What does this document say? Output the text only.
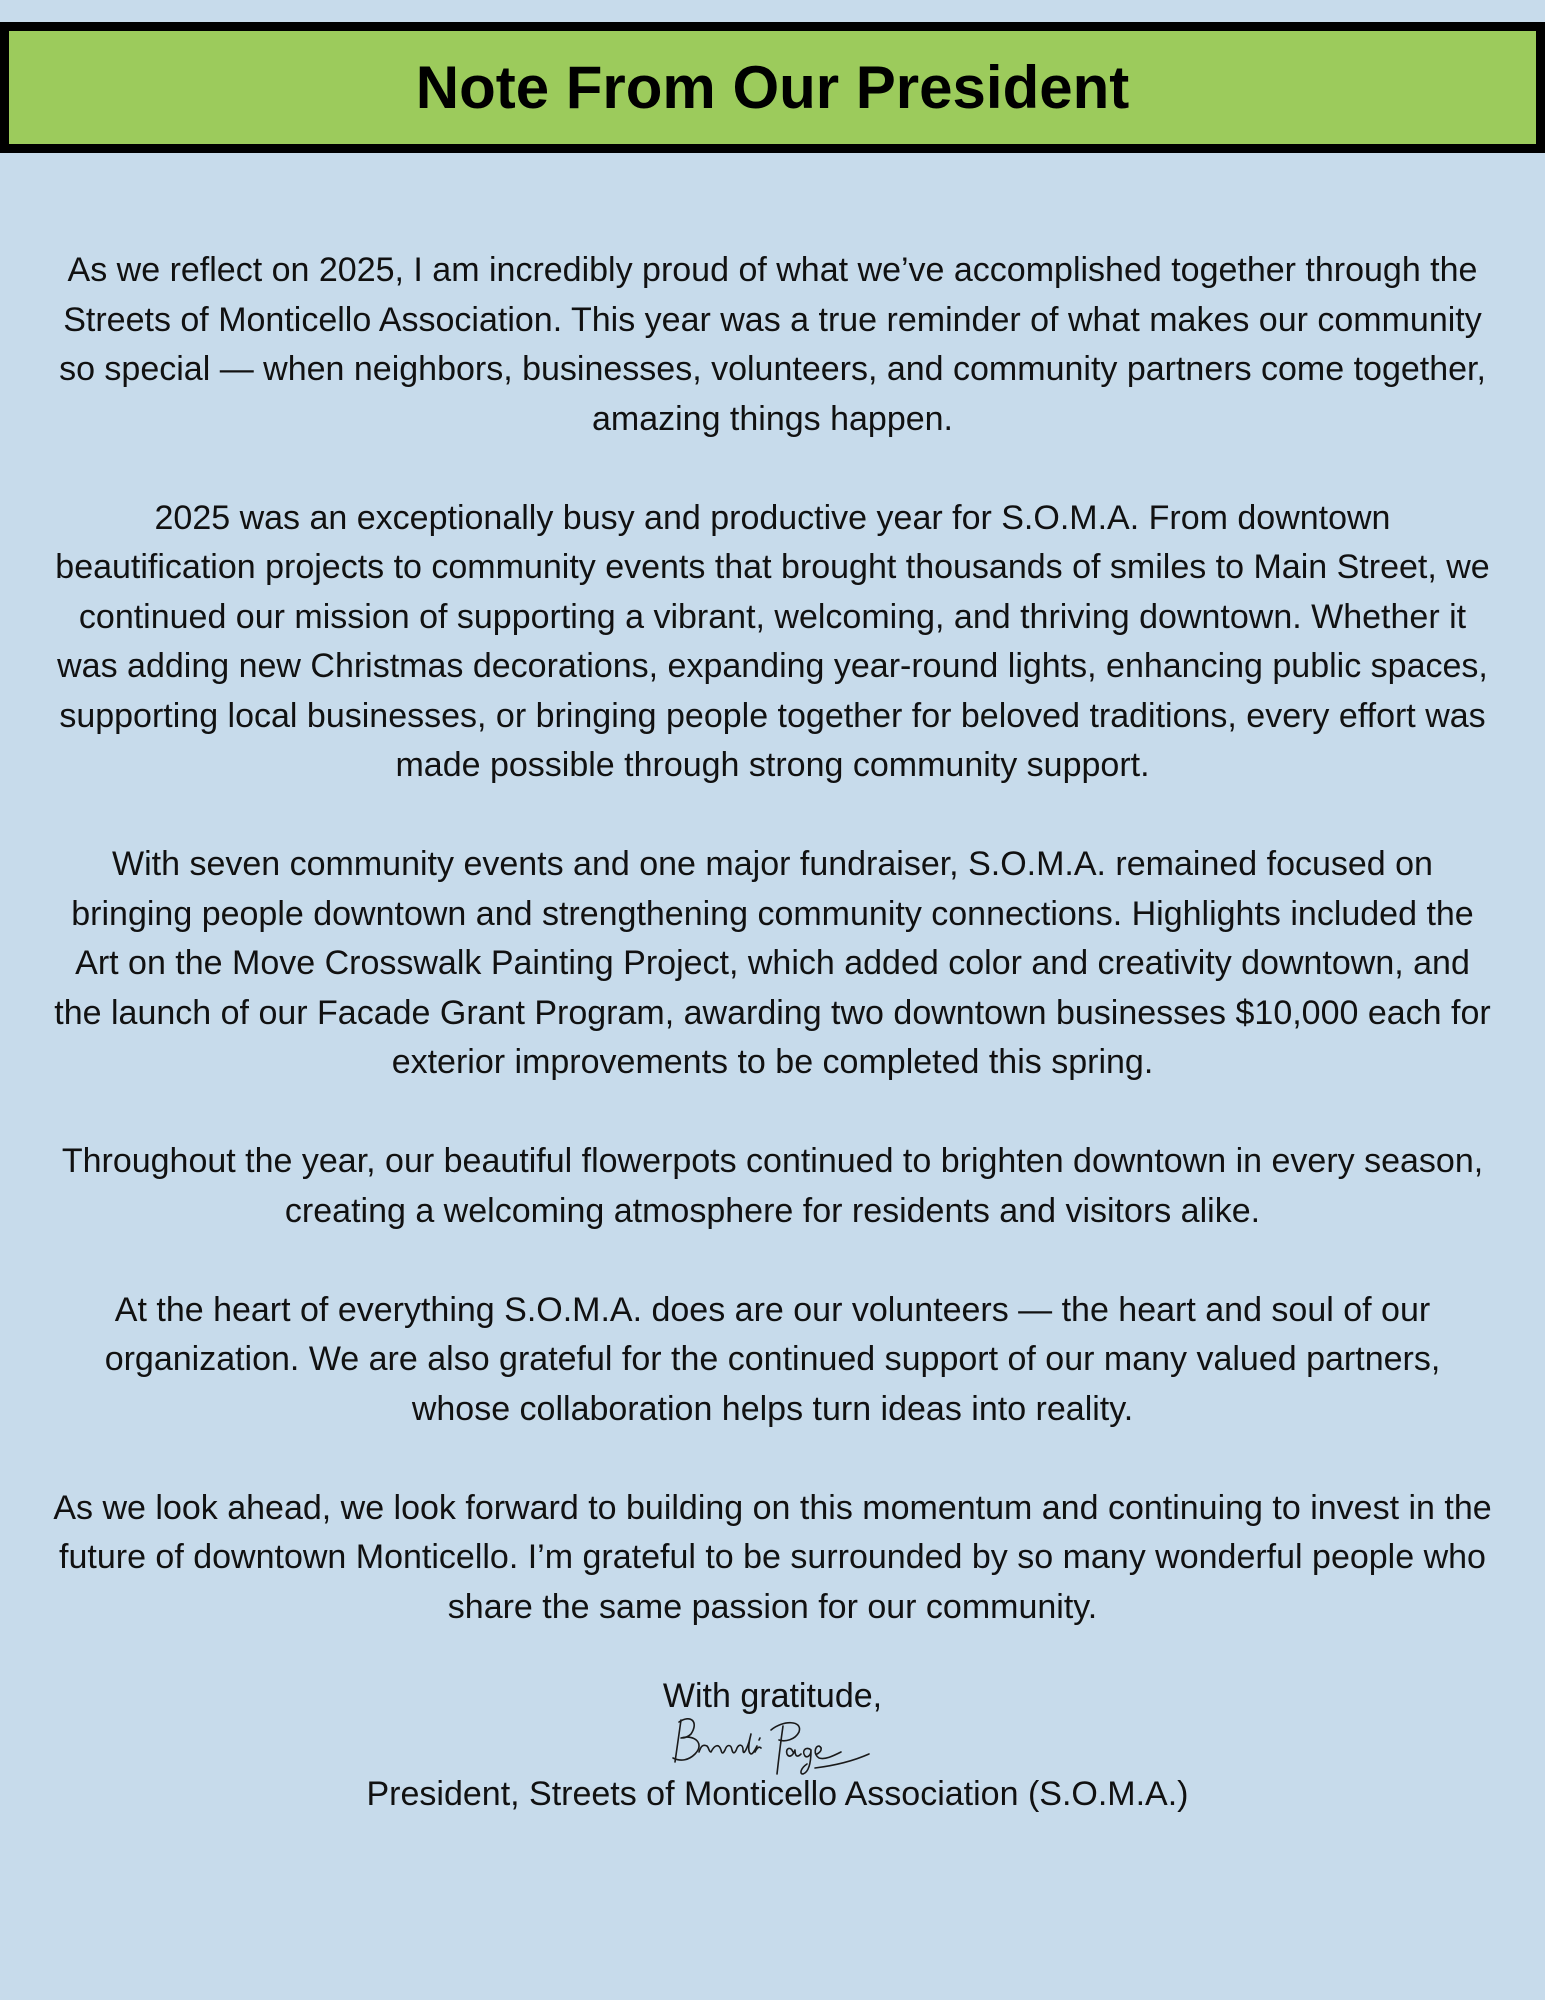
Note From Our President

As we reflect on 2025, I am incredibly proud of what we’ve accomplished together through the Streets of Monticello Association. This year was a true reminder of what makes our community so special — when neighbors, businesses, volunteers, and community partners come together, amazing things happen.

2025 was an exceptionally busy and productive year for S.O.M.A. From downtown beautification projects to community events that brought thousands of smiles to Main Street, we continued our mission of supporting a vibrant, welcoming, and thriving downtown. Whether it was adding new Christmas decorations, expanding year-round lights, enhancing public spaces, supporting local businesses, or bringing people together for beloved traditions, every effort was made possible through strong community support.

With seven community events and one major fundraiser, S.O.M.A. remained focused on bringing people downtown and strengthening community connections. Highlights included the Art on the Move Crosswalk Painting Project, which added color and creativity downtown, and the launch of our Facade Grant Program, awarding two downtown businesses $10,000 each for exterior improvements to be completed this spring.

Throughout the year, our beautiful flowerpots continued to brighten downtown in every season, creating a welcoming atmosphere for residents and visitors alike.

At the heart of everything S.O.M.A. does are our volunteers — the heart and soul of our organization. We are also grateful for the continued support of our many valued partners, whose collaboration helps turn ideas into reality.

As we look ahead, we look forward to building on this momentum and continuing to invest in the future of downtown Monticello. I’m grateful to be surrounded by so many wonderful people who share the same passion for our community.

With gratitude,
President, Streets of Monticello Association (S.O.M.A.)
